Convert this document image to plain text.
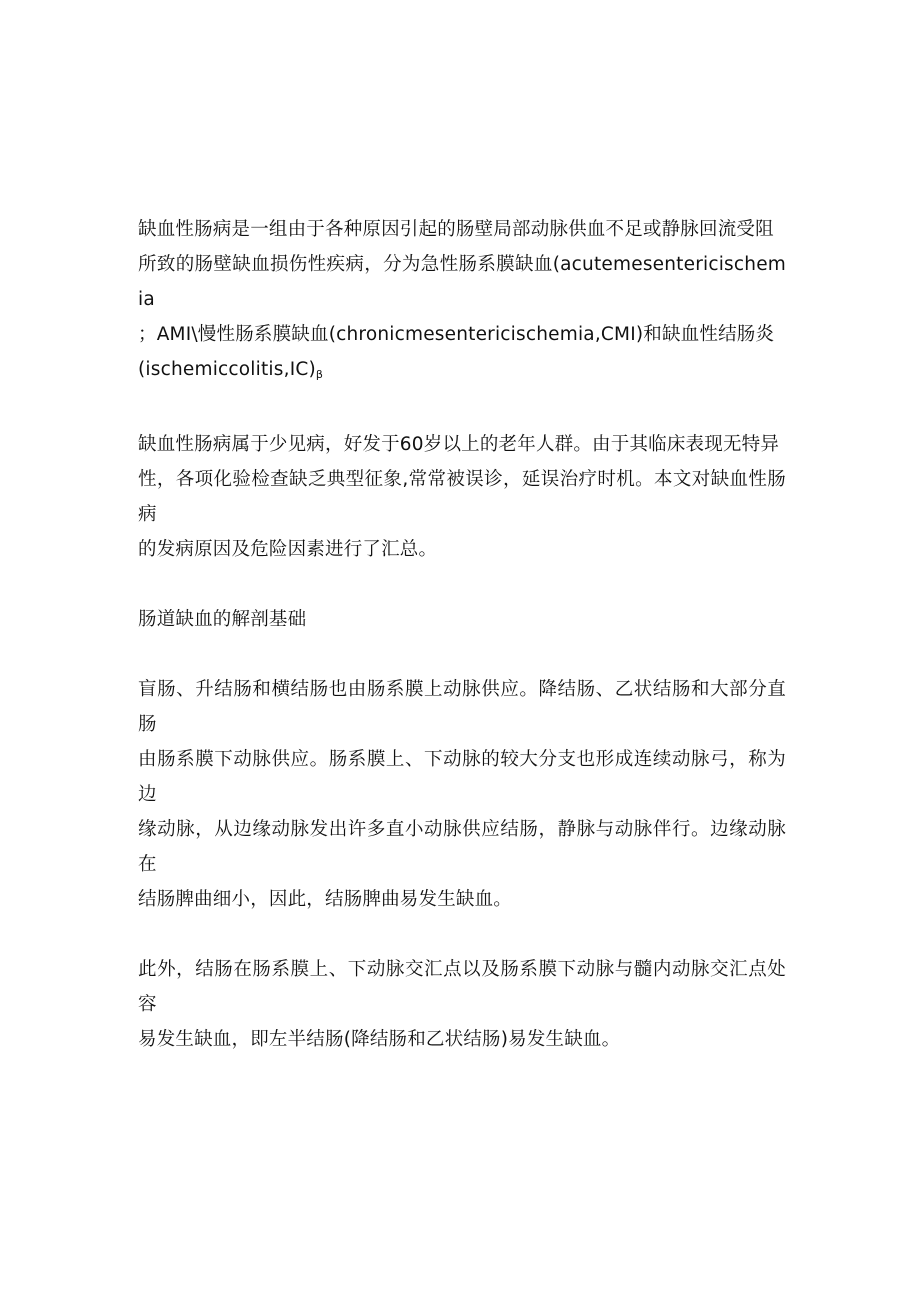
缺血性肠病是一组由于各种原因引起的肠壁局部动脉供血不足或静脉回流受阻
所致的肠壁缺血损伤性疾病，分为急性肠系膜缺血(acutemesentericischemia
；AMI\慢性肠系膜缺血(chronicmesentericischemia,CMI)和缺血性结肠炎
$(ischemiccolitis,IC)_\beta$

缺血性肠病属于少见病，好发于60岁以上的老年人群。由于其临床表现无特异
性，各项化验检查缺乏典型征象,常常被误诊，延误治疗时机。本文对缺血性肠病
的发病原因及危险因素进行了汇总。

肠道缺血的解剖基础

盲肠、升结肠和横结肠也由肠系膜上动脉供应。降结肠、乙状结肠和大部分直肠
由肠系膜下动脉供应。肠系膜上、下动脉的较大分支也形成连续动脉弓，称为边
缘动脉，从边缘动脉发出许多直小动脉供应结肠，静脉与动脉伴行。边缘动脉在
结肠脾曲细小，因此，结肠脾曲易发生缺血。

此外，结肠在肠系膜上、下动脉交汇点以及肠系膜下动脉与髓内动脉交汇点处容
易发生缺血，即左半结肠(降结肠和乙状结肠)易发生缺血。
